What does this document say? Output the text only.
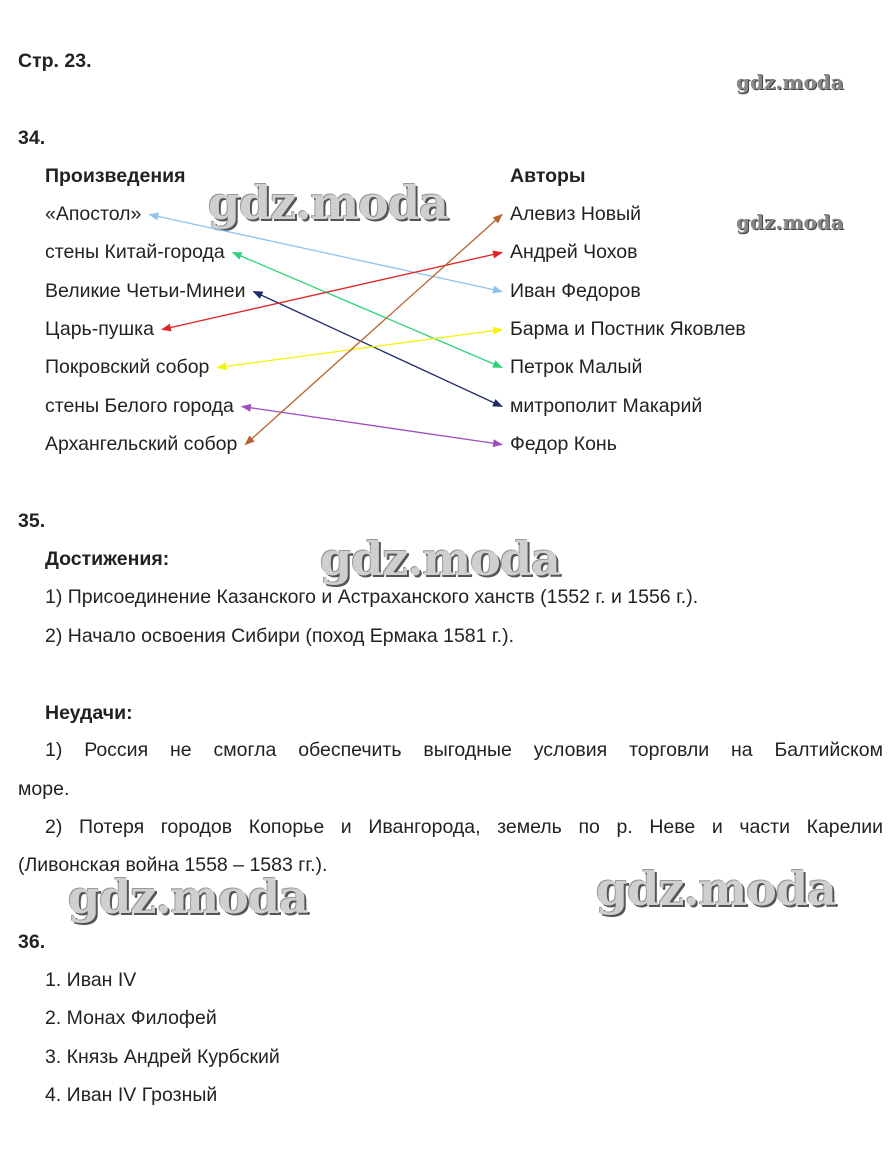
gdz.moda
gdz.moda
gdz.moda
gdz.moda
gdz.moda	gdz.moda
Стр. 23.
34.
Произведения	Авторы
«Апостол»
стены Китай-города
Великие Четьи-Минеи
Царь-пушка
Покровский собор
стены Белого города
Архангельский собор
Алевиз Новый
Андрей Чохов
Иван Федоров
Барма и Постник Яковлев
Петрок Малый
митрополит Макарий
Федор Конь
35.
Достижения:
1) Присоединение Казанского и Астраханского ханств (1552 г. и 1556 г.).
2) Начало освоения Сибири (поход Ермака 1581 г.).
Неудачи:
1) Россия не смогла обеспечить выгодные условия торговли на Балтийском
море.
2) Потеря городов Копорье и Ивангорода, земель по р. Неве и части Карелии
(Ливонская война 1558 – 1583 гг.).
36.
1. Иван IV
2. Монах Филофей
3. Князь Андрей Курбский
4. Иван IV Грозный
